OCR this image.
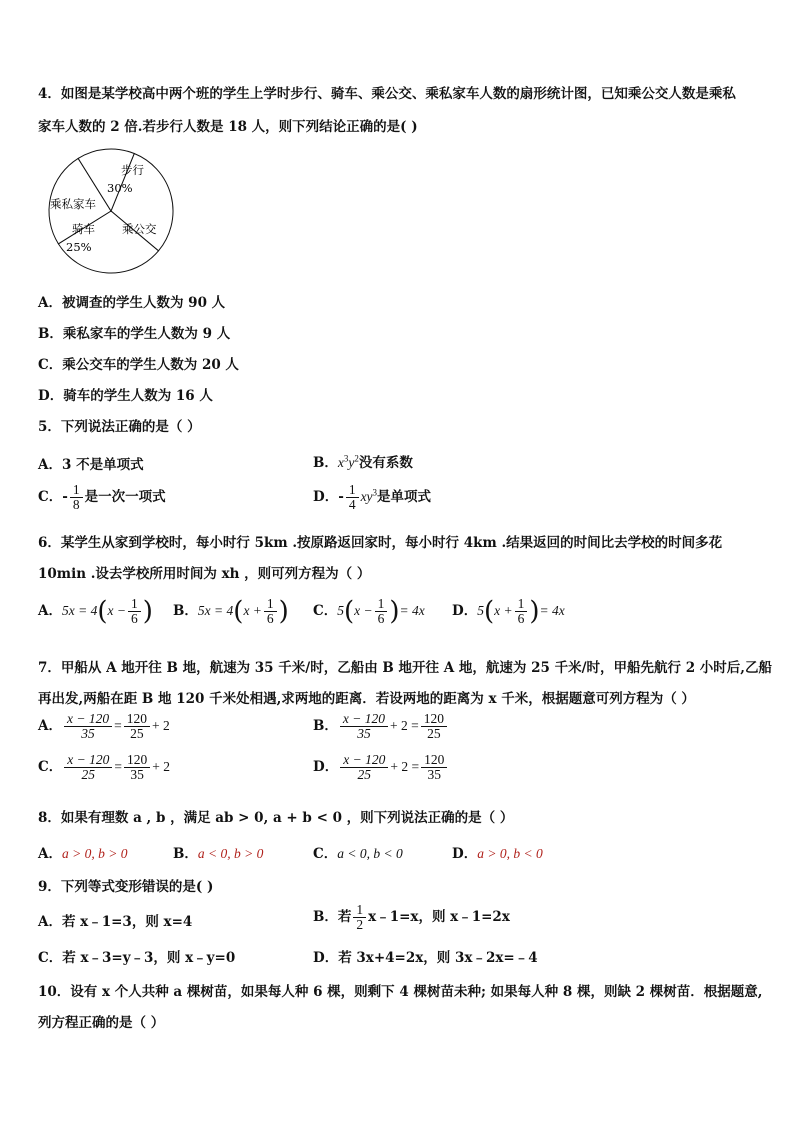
4．如图是某学校高中两个班的学生上学时步行、骑车、乘公交、乘私家车人数的扇形统计图，已知乘公交人数是乘私
家车人数的 2 倍.若步行人数是 18 人，则下列结论正确的是( )
步行
30%
乘私家车
骑车
25%
乘公交
A．被调查的学生人数为 90 人
B．乘私家车的学生人数为 9 人
C．乘公交车的学生人数为 20 人
D．骑车的学生人数为 16 人
5．下列说法正确的是（ ）
A．3 不是单项式	B．$x^3y^2$没有系数
C．- $\frac{1}{8}$ 是一次一项式	D．- $\frac{1}{4} xy^3$是单项式
6．某学生从家到学校时，每小时行 5km .按原路返回家时，每小时行 4km .结果返回的时间比去学校的时间多花
10min .设去学校所用时间为 xh ，则可列方程为（ ）
A．$5x = 4(x - \frac{1}{6}$ ) B．$5x = 4(x + \frac{1}{6}$ ) C．$5(x - \frac{1}{6}$ )= 4x D．$5(x + \frac{1}{6}$ )= 4x
7．甲船从 A 地开往 B 地，航速为 35 千米/时，乙船由 B 地开往 A 地，航速为 25 千米/时，甲船先航行 2 小时后,乙船
再出发,两船在距 B 地 120 千米处相遇,求两地的距离．若设两地的距离为 x 千米，根据题意可列方程为（ ）
A． $\frac{x - 120}{35} = \frac{120}{25} + 2$	B． $\frac{x - 120}{35} + 2 = \frac{120}{25}$
C． $\frac{x - 120}{25} = \frac{120}{35} + 2$	D． $\frac{x - 120}{25} + 2 = \frac{120}{35}$
8．如果有理数 a , b ，满足 ab > 0, a + b < 0 ，则下列说法正确的是（ ）
A．a > 0, b > 0	B．a < 0, b > 0	C．a < 0, b < 0	D．a > 0, b < 0
9．下列等式变形错误的是( )
A．若 x﹣1=3，则 x=4	B．若 $\frac{1}{2}$ x﹣1=x，则 x﹣1=2x
C．若 x﹣3=y﹣3，则 x﹣y=0	D．若 3x+4=2x，则 3x﹣2x=﹣4
10．设有 x 个人共种 a 棵树苗，如果每人种 6 棵，则剩下 4 棵树苗未种; 如果每人种 8 棵，则缺 2 棵树苗．根据题意,
列方程正确的是（ ）
